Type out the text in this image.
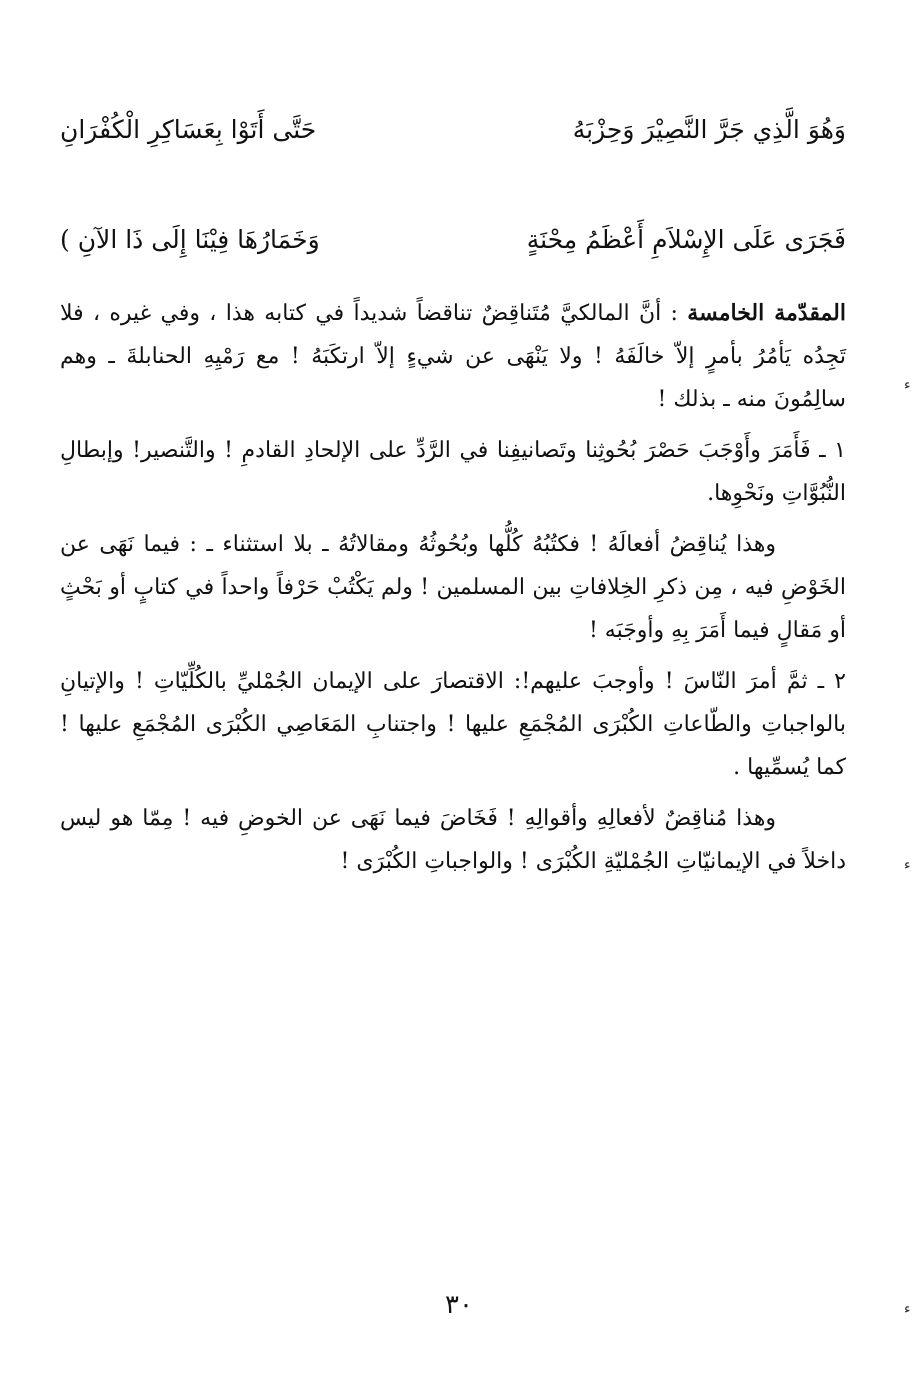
وَهُوَ الَّذِي جَرَّ النَّصِيْرَ وَحِزْبَهُ
حَتَّى أَتَوْا بِعَسَاكِرِ الْكُفْرَانِ
فَجَرَى عَلَى الإِسْلاَمِ أَعْظَمُ مِحْنَةٍ
وَخَمَارُهَا فِيْنَا إِلَى ذَا الآنِ )

المقدّمة الخامسة : أنَّ المالكيَّ مُتَناقِضٌ تناقضاً شديداً في كتابه هذا ، وفي غيره ، فلا تَجِدُه يَأمُرُ بأمرٍ إلاّ خالَفَهُ ! ولا يَنْهَى عن شيءٍ إلاّ ارتكَبَهُ ! مع رَمْيِهِ الحنابلةَ ـ وهم سالِمُونَ منه ـ بذلك !

١ ـ فَأَمَرَ وأَوْجَبَ حَصْرَ بُحُوثِنا وتَصانيفِنا في الرَّدِّ على الإلحادِ القادمِ ! والتَّنصير! وإبطالِ النُّبُوَّاتِ ونَحْوِها.

وهذا يُناقِضُ أفعالَهُ ! فكتُبُهُ كُلُّها وبُحُوثُهُ ومقالاتُهُ ـ بلا استثناء ـ : فيما نَهَى عن الخَوْضِ فيه ، مِن ذكرِ الخِلافاتِ بين المسلمين ! ولم يَكْتُبْ حَرْفاً واحداً في كتابٍ أو بَحْثٍ أو مَقالٍ فيما أَمَرَ بِهِ وأوجَبَه !

٢ ـ ثمَّ أمرَ النّاسَ ! وأوجبَ عليهم!: الاقتصارَ على الإيمان الجُمْليِّ بالكُلِّيّاتِ ! والإتيانِ بالواجباتِ والطّاعاتِ الكُبْرَى المُجْمَعِ عليها ! واجتنابِ المَعَاصِي الكُبْرَى المُجْمَعِ عليها ! كما يُسمِّيها .

وهذا مُناقِضٌ لأفعالِهِ وأقوالِهِ ! فَخَاضَ فيما نَهَى عن الخوضِ فيه ! مِمّا هو ليس داخلاً في الإيمانيّاتِ الجُمْليّةِ الكُبْرَى ! والواجباتِ الكُبْرَى !

٣٠
ء
ء
ء
